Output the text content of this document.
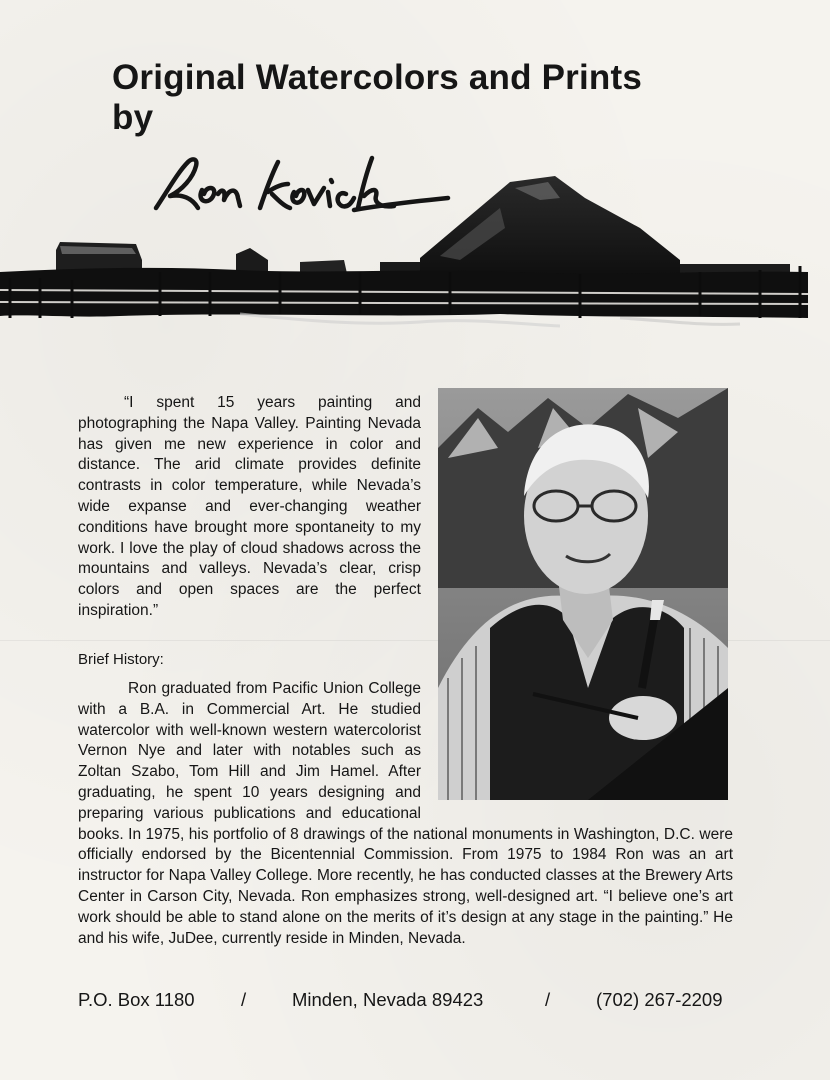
Original Watercolors and Prints
by

“I spent 15 years painting and photographing the Napa Valley. Painting Nevada has given me new experience in color and distance. The arid climate provides definite contrasts in color temperature, while Nevada’s wide expanse and ever-changing weather conditions have brought more spontaneity to my work. I love the play of cloud shadows across the mountains and valleys. Nevada’s clear, crisp colors and open spaces are the perfect inspiration.”

Brief History:

Ron graduated from Pacific Union College with a B.A. in Commercial Art. He studied watercolor with well-known western watercolorist Vernon Nye and later with notables such as Zoltan Szabo, Tom Hill and Jim Hamel. After graduating, he spent 10 years designing and preparing various publications and educational books. In 1975, his portfolio of 8 drawings of the national monuments in Washington, D.C. were officially endorsed by the Bicentennial Commission. From 1975 to 1984 Ron was an art instructor for Napa Valley College. More recently, he has conducted classes at the Brewery Arts Center in Carson City, Nevada. Ron emphasizes strong, well-designed art. “I believe one’s art work should be able to stand alone on the merits of it’s design at any stage in the painting.” He and his wife, JuDee, currently reside in Minden, Nevada.

P.O. Box 1180	/ Minden, Nevada 89423	/ (702) 267-2209
